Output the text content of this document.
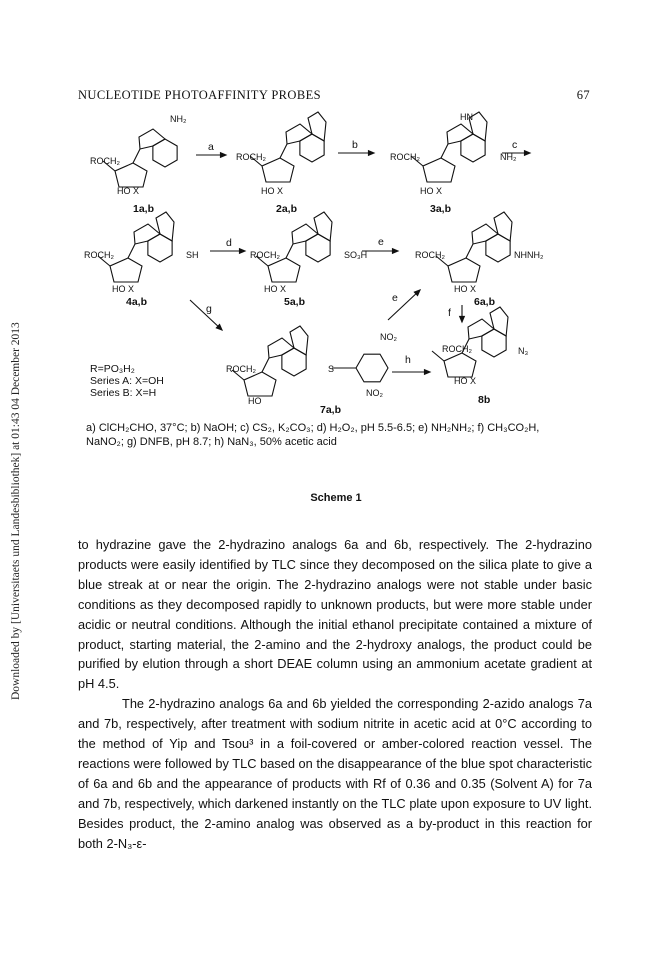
NUCLEOTIDE PHOTOAFFINITY PROBES	67
Downloaded by [Universitaets und Landesbibliothek] at 01:43 04 December 2013
NH₂
ROCH₂
HO X
ROCH₂
HO X
HN
NH₂
ROCH₂
HO X
ROCH₂	SH
HO X
ROCH₂	SO₃H
HO X
ROCH₂	NHNH₂
HO X
ROCH₂	S
NO₂
NO₂
HO
ROCH₂	N₃
HO X
1a,b	2a,b	3a,b
4a,b	5a,b	6a,b
7a,b
8b
a	b	c
d	e
e
f
g
h
R=PO₃H₂
Series A: X=OH
Series B: X=H
a) ClCH₂CHO, 37°C; b) NaOH; c) CS₂, K₂CO₃; d) H₂O₂, pH 5.5-6.5; e) NH₂NH₂; f) CH₃CO₂H,
NaNO₂; g) DNFB, pH 8.7; h) NaN₃, 50% acetic acid
Scheme 1

to hydrazine gave the 2-hydrazino analogs 6a and 6b, respectively. The 2-hydrazino products were easily identified by TLC since they decomposed on the silica plate to give a blue streak at or near the origin. The 2-hydrazino analogs were not stable under basic conditions as they decomposed rapidly to unknown products, but were more stable under acidic or neutral conditions. Although the initial ethanol precipitate contained a mixture of product, starting material, the 2-amino and the 2-hydroxy analogs, the product could be purified by elution through a short DEAE column using an ammonium acetate gradient at pH 4.5.

The 2-hydrazino analogs 6a and 6b yielded the corresponding 2-azido analogs 7a and 7b, respectively, after treatment with sodium nitrite in acetic acid at 0°C according to the method of Yip and Tsou³ in a foil-covered or amber-colored reaction vessel. The reactions were followed by TLC based on the disappearance of the blue spot characteristic of 6a and 6b and the appearance of products with Rf of 0.36 and 0.35 (Solvent A) for 7a and 7b, respectively, which darkened instantly on the TLC plate upon exposure to UV light. Besides product, the 2-amino analog was observed as a by-product in this reaction for both 2-N₃-ε-
